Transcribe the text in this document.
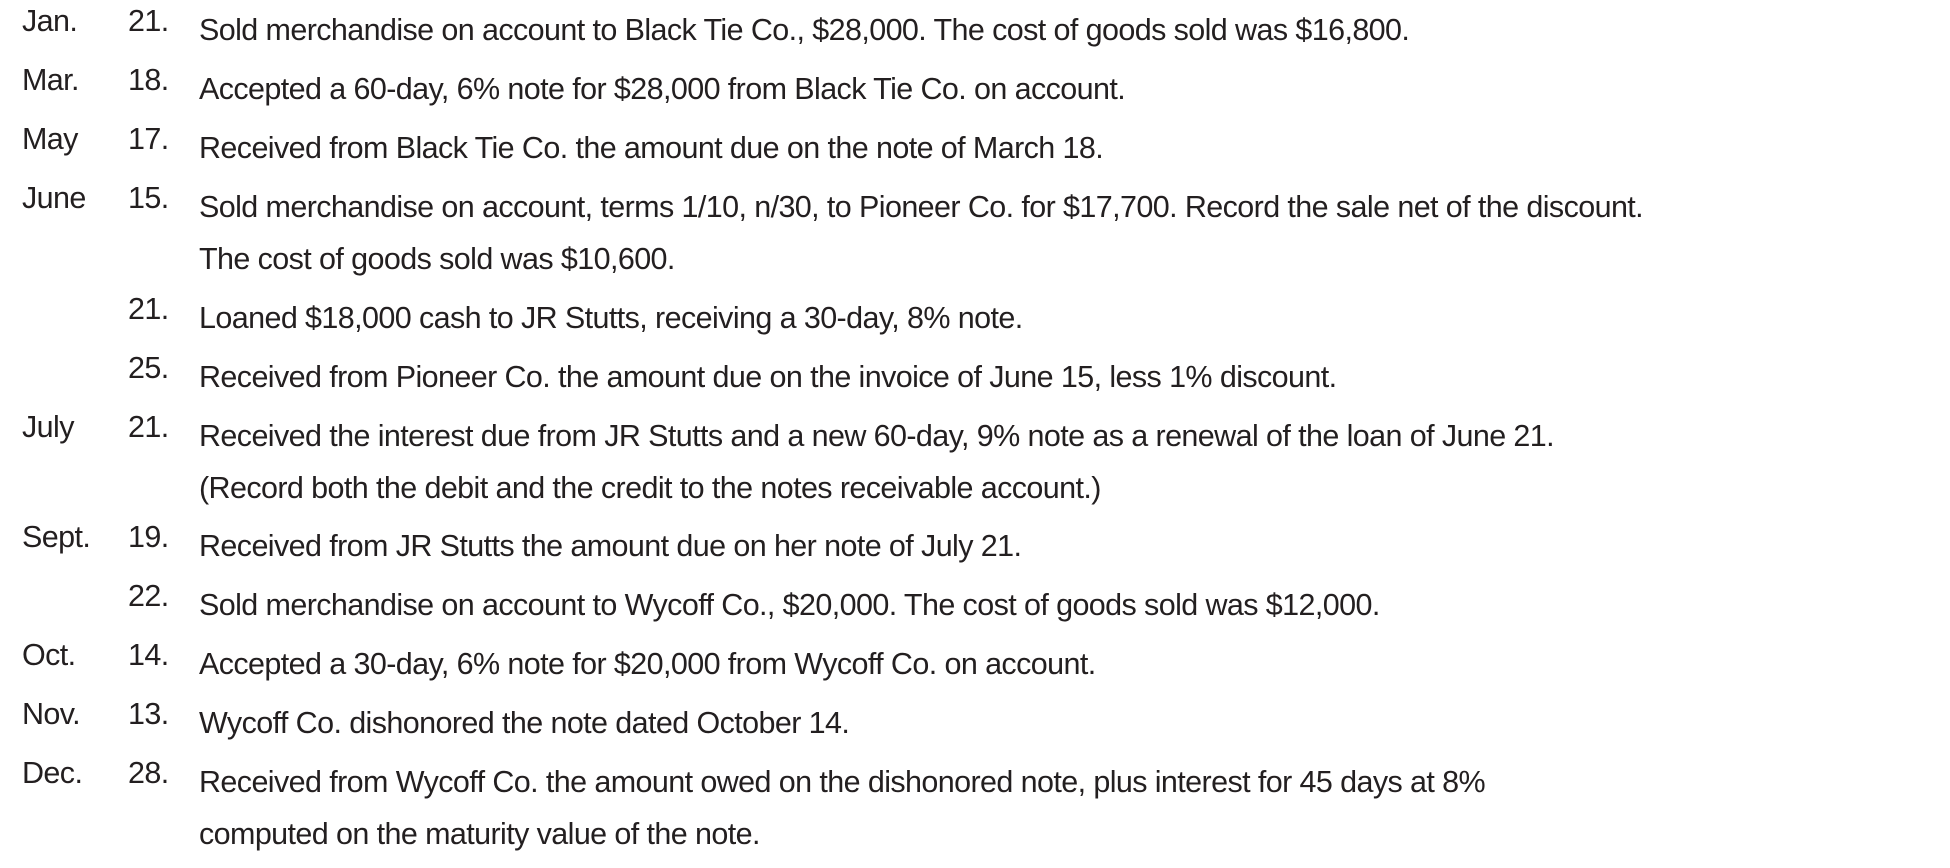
Jan. 21. Sold merchandise on account to Black Tie Co., $28,000. The cost of goods sold was $16,800.
Mar. 18. Accepted a 60-day, 6% note for $28,000 from Black Tie Co. on account.
May 17. Received from Black Tie Co. the amount due on the note of March 18.
June 15. Sold merchandise on account, terms 1/10, n/30, to Pioneer Co. for $17,700. Record the sale net of the discount.
The cost of goods sold was $10,600.
21. Loaned $18,000 cash to JR Stutts, receiving a 30-day, 8% note.
25. Received from Pioneer Co. the amount due on the invoice of June 15, less 1% discount.
July 21. Received the interest due from JR Stutts and a new 60-day, 9% note as a renewal of the loan of June 21.
(Record both the debit and the credit to the notes receivable account.)
Sept. 19. Received from JR Stutts the amount due on her note of July 21.
22. Sold merchandise on account to Wycoff Co., $20,000. The cost of goods sold was $12,000.
Oct. 14. Accepted a 30-day, 6% note for $20,000 from Wycoff Co. on account.
Nov. 13. Wycoff Co. dishonored the note dated October 14.
Dec. 28. Received from Wycoff Co. the amount owed on the dishonored note, plus interest for 45 days at 8%
computed on the maturity value of the note.
